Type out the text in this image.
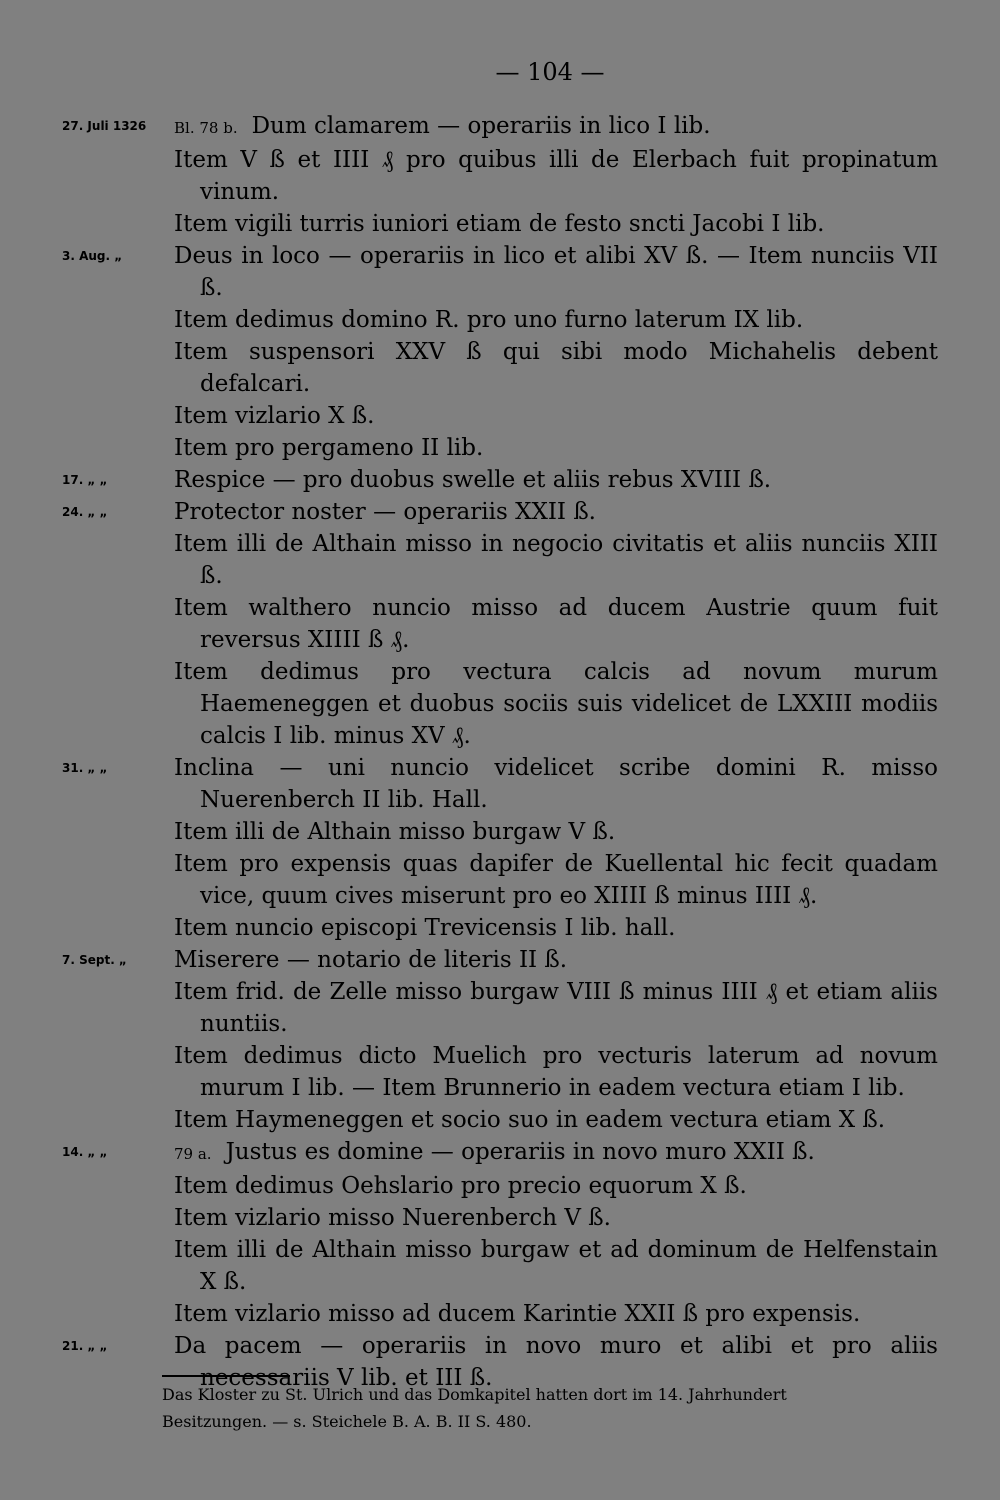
— 104 —
27. Juli 1326 Bl. 78 b. Dum clamarem — operariis in lico I lib.
Item V ß et IIII ₰ pro quibus illi de Elerbach fuit propinatum vinum.
Item vigili turris iuniori etiam de festo sncti Jacobi I lib.
3. Aug. „ Deus in loco — operariis in lico et alibi XV ß. — Item nunciis VII ß.
Item dedimus domino R. pro uno furno laterum IX lib.
Item suspensori XXV ß qui sibi modo Michahelis debent defalcari.
Item vizlario X ß.
Item pro pergameno II lib.
17. „ „	Respice — pro duobus swelle et aliis rebus XVIII ß.
24. „ „	Protector noster — operariis XXII ß.
Item illi de Althain misso in negocio civitatis et aliis nunciis XIII ß.
Item walthero nuncio misso ad ducem Austrie quum fuit reversus XIIII ß ₰.
Item dedimus pro vectura calcis ad novum murum Haemeneggen et duobus sociis suis videlicet de LXXIII modiis calcis I lib. minus XV ₰.
31. „ „	Inclina — uni nuncio videlicet scribe domini R. misso Nuerenberch II lib. Hall.
Item illi de Althain misso burgaw V ß.
Item pro expensis quas dapifer de Kuellental hic fecit quadam vice, quum cives miserunt pro eo XIIII ß minus IIII ₰.
Item nuncio episcopi Trevicensis I lib. hall.
7. Sept. „ Miserere — notario de literis II ß.
Item frid. de Zelle misso burgaw VIII ß minus IIII ₰ et etiam aliis nuntiis.
Item dedimus dicto Muelich pro vecturis laterum ad novum murum I lib. — Item Brunnerio in eadem vectura etiam I lib.
Item Haymeneggen et socio suo in eadem vectura etiam X ß.
14. „ „	79 a. Justus es domine — operariis in novo muro XXII ß.
Item dedimus Oehslario pro precio equorum X ß.
Item vizlario misso Nuerenberch V ß.
Item illi de Althain misso burgaw et ad dominum de Helfenstain X ß.
Item vizlario misso ad ducem Karintie XXII ß pro expensis.
21. „ „	Da pacem — operariis in novo muro et alibi et pro aliis necessariis V lib. et III ß.
Das Kloster zu St. Ulrich und das Domkapitel hatten dort im 14. Jahrhundert
Besitzungen. — s. Steichele B. A. B. II S. 480.
